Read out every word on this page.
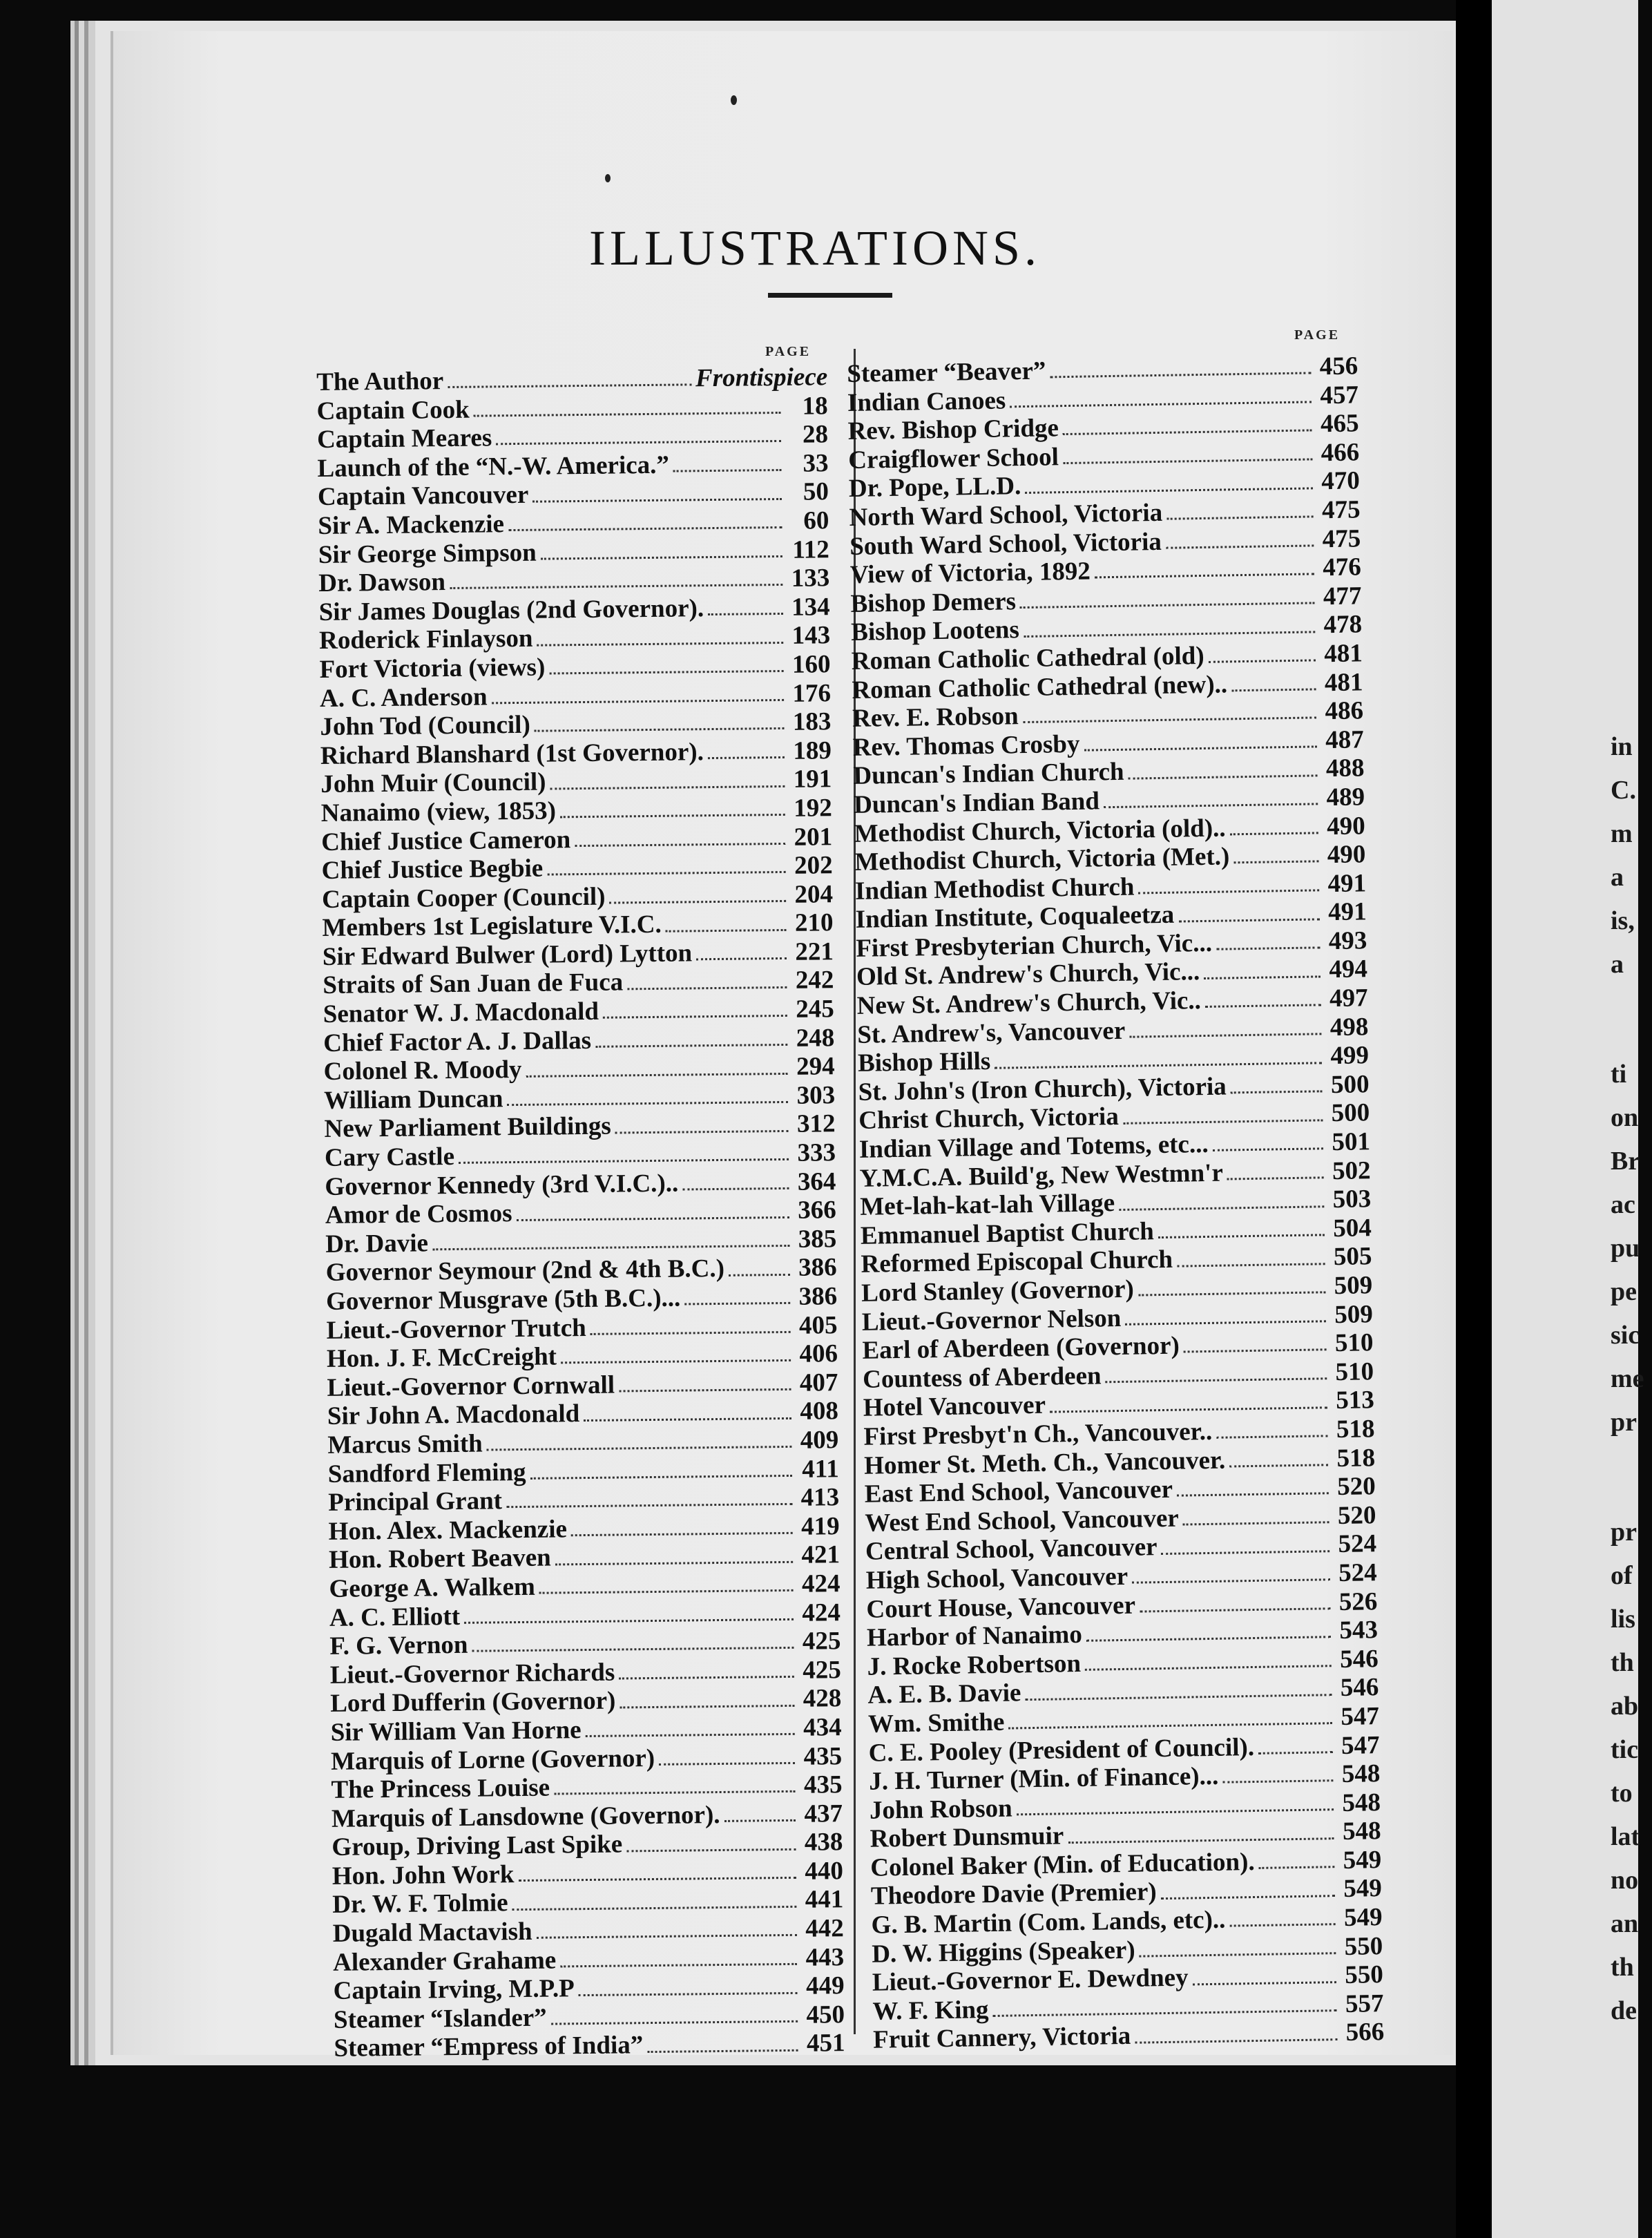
in
C.
m
a
is,
a
ti
on
Br
ac
pu
pe
sic
me
pr
pr
of
lis
th
ab
tic
to
lat
no
an
th
de
ILLUSTRATIONS.
PAGE
PAGE
The Author	Frontispiece
Captain Cook	18
Captain Meares	28
Launch of the “N.-W. America.”	33
Captain Vancouver	50
Sir A. Mackenzie	60
Sir George Simpson	112
Dr. Dawson	133
Sir James Douglas (2nd Governor).	134
Roderick Finlayson	143
Fort Victoria (views)	160
A. C. Anderson	176
John Tod (Council)	183
Richard Blanshard (1st Governor).	189
John Muir (Council)	191
Nanaimo (view, 1853)	192
Chief Justice Cameron	201
Chief Justice Begbie	202
Captain Cooper (Council)	204
Members 1st Legislature V.I.C.	210
Sir Edward Bulwer (Lord) Lytton	221
Straits of San Juan de Fuca	242
Senator W. J. Macdonald	245
Chief Factor A. J. Dallas	248
Colonel R. Moody	294
William Duncan	303
New Parliament Buildings	312
Cary Castle	333
Governor Kennedy (3rd V.I.C.)..	364
Amor de Cosmos	366
Dr. Davie	385
Governor Seymour (2nd & 4th B.C.)	386
Governor Musgrave (5th B.C.)...	386
Lieut.-Governor Trutch	405
Hon. J. F. McCreight	406
Lieut.-Governor Cornwall	407
Sir John A. Macdonald	408
Marcus Smith	409
Sandford Fleming	411
Principal Grant	413
Hon. Alex. Mackenzie	419
Hon. Robert Beaven	421
George A. Walkem	424
A. C. Elliott	424
F. G. Vernon	425
Lieut.-Governor Richards	425
Lord Dufferin (Governor)	428
Sir William Van Horne	434
Marquis of Lorne (Governor)	435
The Princess Louise	435
Marquis of Lansdowne (Governor).	437
Group, Driving Last Spike	438
Hon. John Work	440
Dr. W. F. Tolmie	441
Dugald Mactavish	442
Alexander Grahame	443
Captain Irving, M.P.P	449
Steamer “Islander”	450
Steamer “Empress of India”	451
Steamer “Beaver”	456
Indian Canoes	457
Rev. Bishop Cridge	465
Craigflower School	466
Dr. Pope, LL.D.	470
North Ward School, Victoria	475
South Ward School, Victoria	475
View of Victoria, 1892	476
Bishop Demers	477
Bishop Lootens	478
Roman Catholic Cathedral (old)	481
Roman Catholic Cathedral (new)..	481
Rev. E. Robson	486
Rev. Thomas Crosby	487
Duncan's Indian Church	488
Duncan's Indian Band	489
Methodist Church, Victoria (old)..	490
Methodist Church, Victoria (Met.)	490
Indian Methodist Church	491
Indian Institute, Coqualeetza	491
First Presbyterian Church, Vic...	493
Old St. Andrew's Church, Vic...	494
New St. Andrew's Church, Vic..	497
St. Andrew's, Vancouver	498
Bishop Hills	499
St. John's (Iron Church), Victoria	500
Christ Church, Victoria	500
Indian Village and Totems, etc...	501
Y.M.C.A. Build'g, New Westmn'r	502
Met-lah-kat-lah Village	503
Emmanuel Baptist Church	504
Reformed Episcopal Church	505
Lord Stanley (Governor)	509
Lieut.-Governor Nelson	509
Earl of Aberdeen (Governor)	510
Countess of Aberdeen	510
Hotel Vancouver	513
First Presbyt'n Ch., Vancouver..	518
Homer St. Meth. Ch., Vancouver.	518
East End School, Vancouver	520
West End School, Vancouver	520
Central School, Vancouver	524
High School, Vancouver	524
Court House, Vancouver	526
Harbor of Nanaimo	543
J. Rocke Robertson	546
A. E. B. Davie	546
Wm. Smithe	547
C. E. Pooley (President of Council).	547
J. H. Turner (Min. of Finance)...	548
John Robson	548
Robert Dunsmuir	548
Colonel Baker (Min. of Education).	549
Theodore Davie (Premier)	549
G. B. Martin (Com. Lands, etc)..	549
D. W. Higgins (Speaker)	550
Lieut.-Governor E. Dewdney	550
W. F. King	557
Fruit Cannery, Victoria	566
